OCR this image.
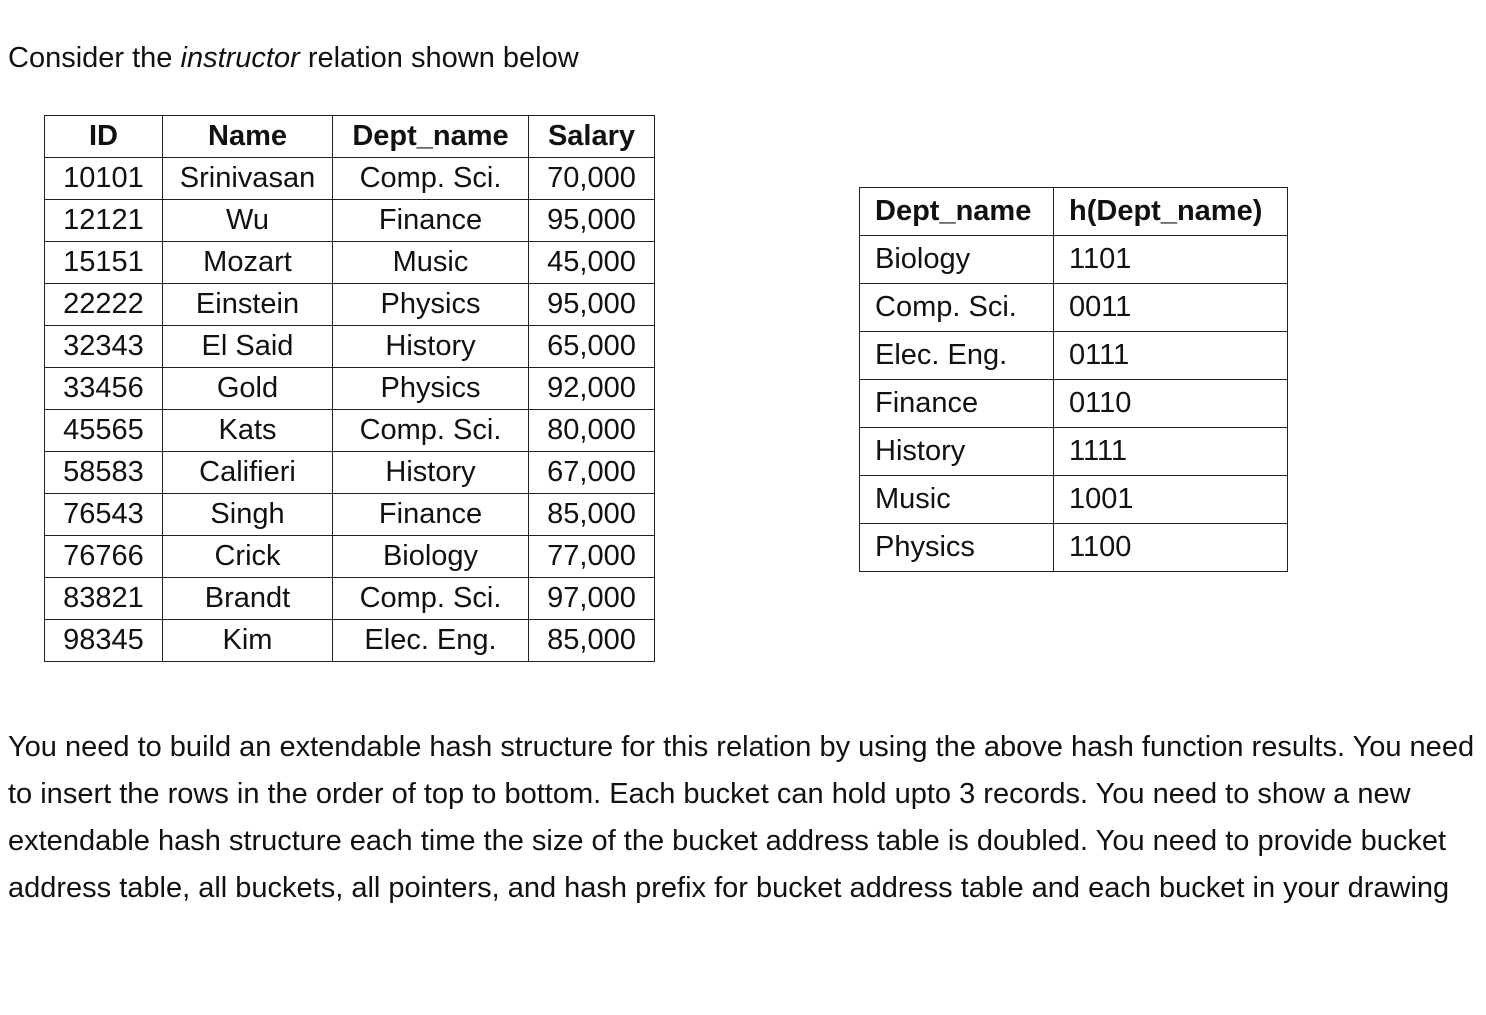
Consider the instructor relation shown below
ID	Name	Dept_name	Salary
10101	Srinivasan	Comp. Sci.	70,000
12121	Wu	Finance	95,000
15151	Mozart	Music	45,000
22222	Einstein	Physics	95,000
32343	El Said	History	65,000
33456	Gold	Physics	92,000
45565	Kats	Comp. Sci.	80,000
58583	Califieri	History	67,000
76543	Singh	Finance	85,000
76766	Crick	Biology	77,000
83821	Brandt	Comp. Sci.	97,000
98345	Kim	Elec. Eng.	85,000
Dept_name	h(Dept_name)
Biology	1101
Comp. Sci.	0011
Elec. Eng.	0111
Finance	0110
History	1111
Music	1001
Physics	1100

You need to build an extendable hash structure for this relation by using the above hash function results. You need to insert the rows in the order of top to bottom. Each bucket can hold upto 3 records. You need to show a new extendable hash structure each time the size of the bucket address table is doubled. You need to provide bucket address table, all buckets, all pointers, and hash prefix for bucket address table and each bucket in your drawing
